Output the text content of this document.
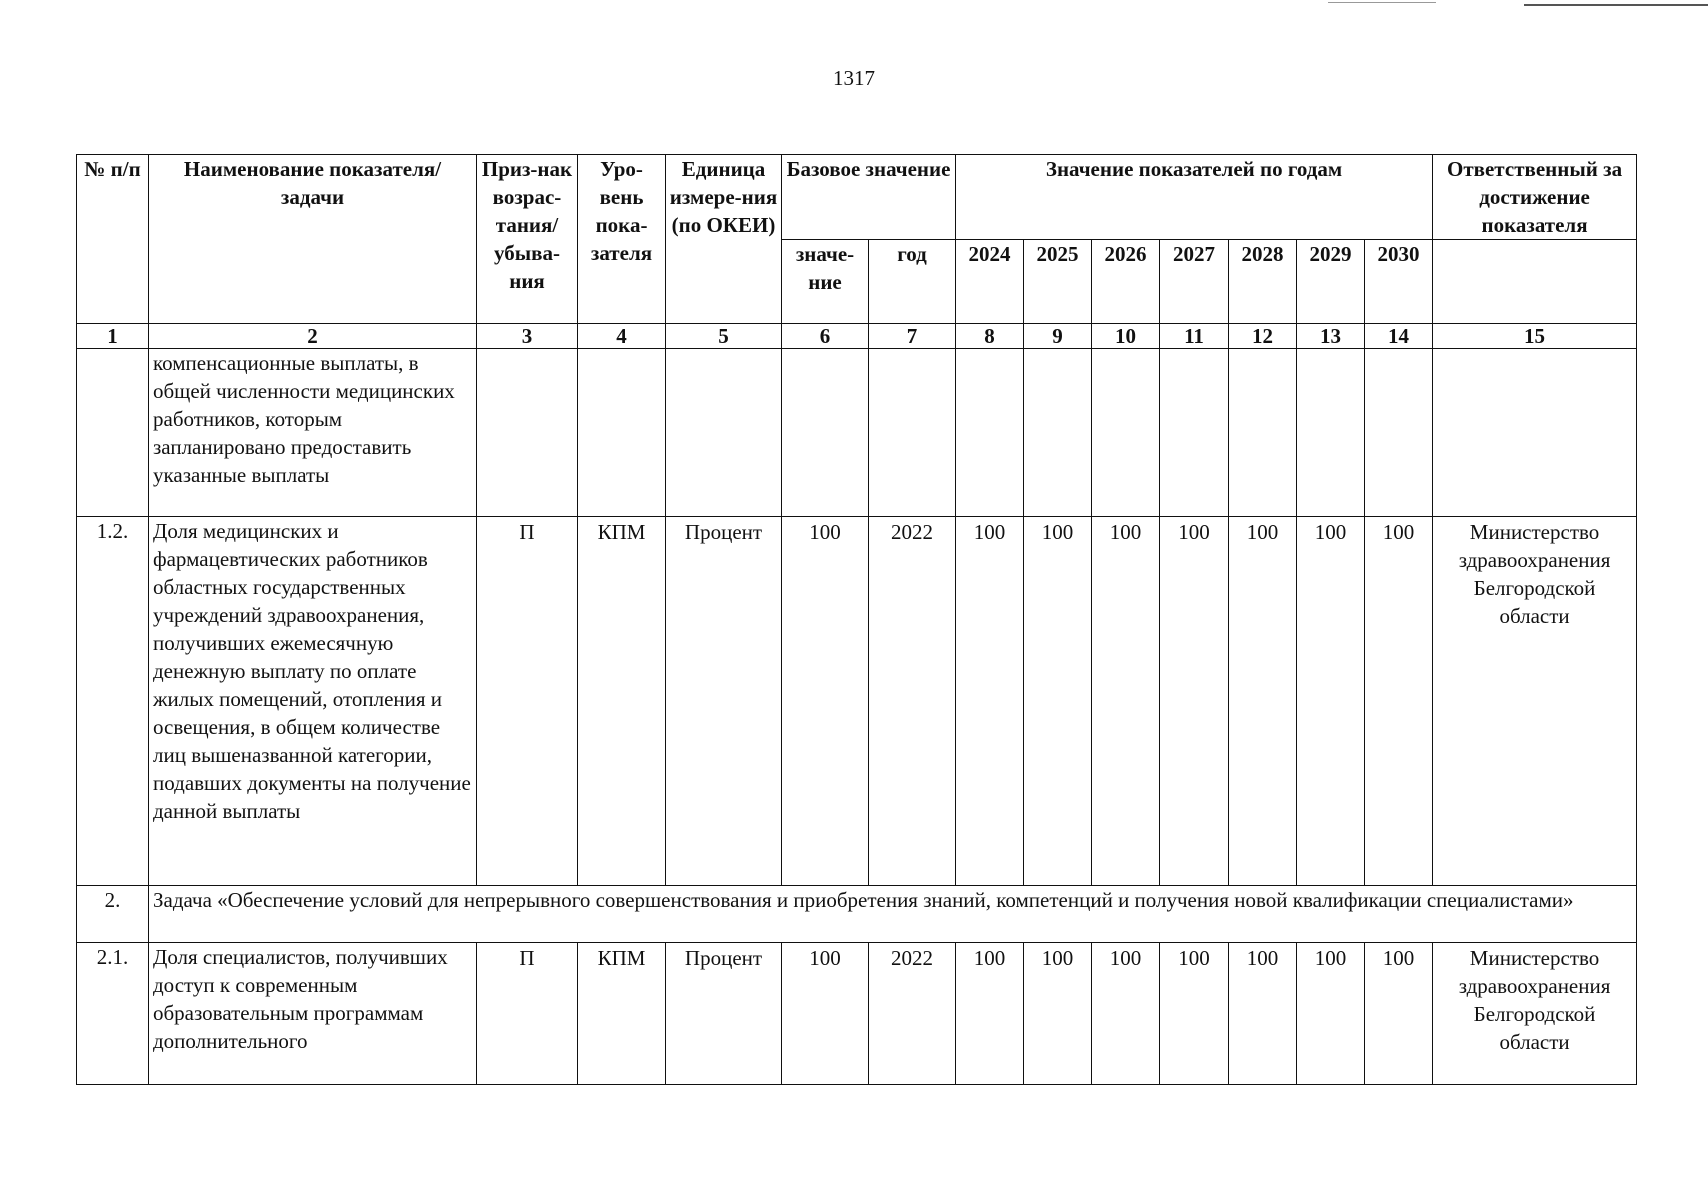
1317
№ п/п	Наименование показателя/ задачи	Приз-нак возрас-тания/ убыва-ния	Уро-вень пока-зателя	Единица измере-ния (по ОКЕИ)	Базовое значение		Значение показателей по годам							Ответственный за достижение показателя
					значе-ние	год	2024	2025	2026	2027	2028	2029	2030	
1	2	3	4	5	6	7	8	9	10	11	12	13	14	15
	компенсационные выплаты, в общей численности медицинских работников, которым запланировано предоставить указанные выплаты													
1.2.	Доля медицинских и фармацевтических работников областных государственных учреждений здравоохранения, получивших ежемесячную денежную выплату по оплате жилых помещений, отопления и освещения, в общем количестве лиц вышеназванной категории, подавших документы на получение данной выплаты	П	КПМ	Процент	100	2022	100	100	100	100	100	100	100	Министерство здравоохранения Белгородской области
2.	Задача «Обеспечение условий для непрерывного совершенствования и приобретения знаний, компетенций и получения новой квалификации специалистами»													
2.1.	Доля специалистов, получивших доступ к современным образовательным программам дополнительного	П	КПМ	Процент	100	2022	100	100	100	100	100	100	100	Министерство здравоохранения Белгородской области
